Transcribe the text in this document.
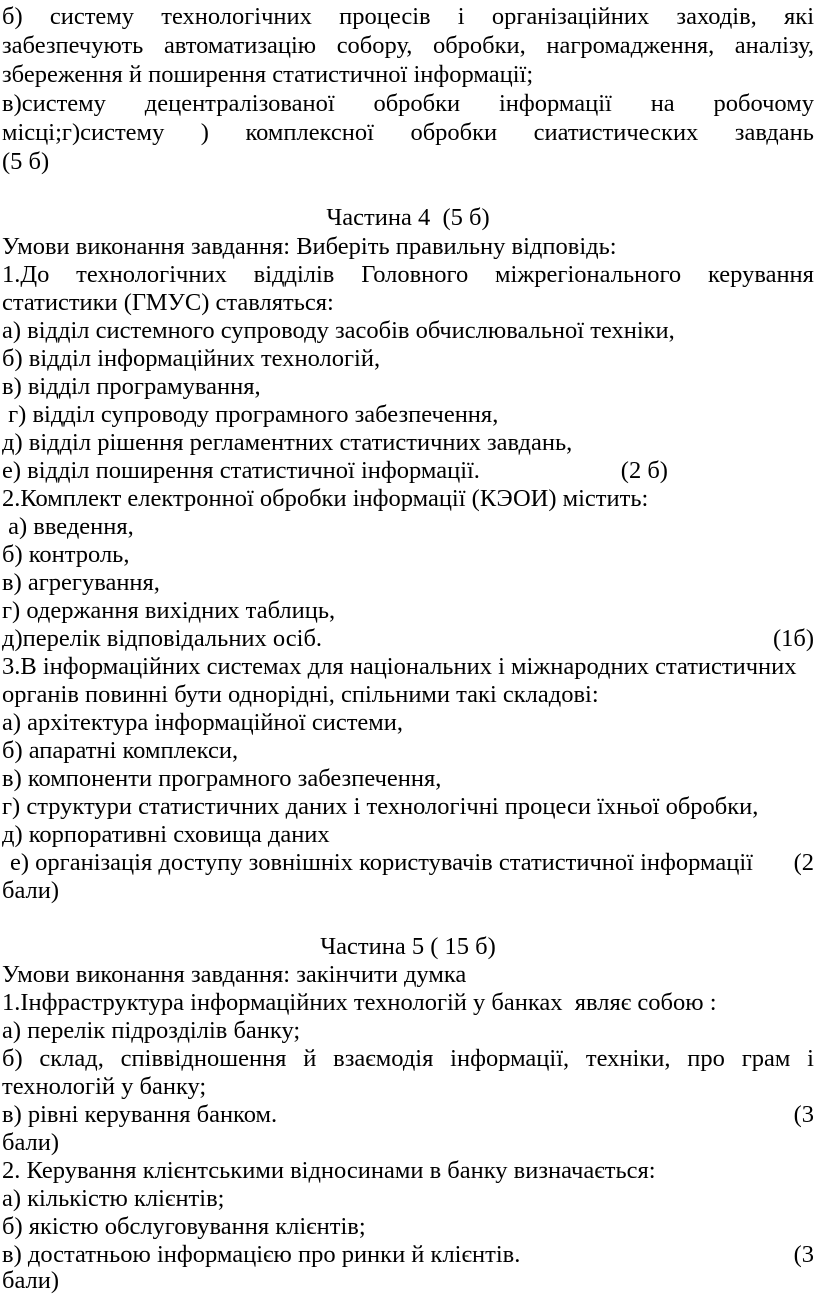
б) систему технологічних процесів і організаційних заходів, які
забезпечують автоматизацію собору, обробки, нагромадження, аналізу,
збереження й поширення статистичної інформації;
в)систему децентралізованої обробки інформації на робочому
місці;г)систему ) комплексної обробки сиатистических завдань
(5 б)
Частина 4  (5 б)
Умови виконання завдання: Виберіть правильну відповідь:
1.До технологічних відділів Головного міжрегіонального керування
статистики (ГМУС) ставляться:
а) відділ системного супроводу засобів обчислювальної техніки,
б) відділ інформаційних технологій,
в) відділ програмування,
г) відділ супроводу програмного забезпечення,
д) відділ рішення регламентних статистичних завдань,
е) відділ поширення статистичної інформації.                       (2 б)
2.Комплект електронної обробки інформації (КЭОИ) містить:
а) введення,
б) контроль,
в) агрегування,
г) одержання вихідних таблиць,
д)перелік відповідальних осіб.	(1б)
3.В інформаційних системах для національних і міжнародних статистичних
органів повинні бути однорідні, спільними такі складові:
а) архітектура інформаційної системи,
б) апаратні комплекси,
в) компоненти програмного забезпечення,
г) структури статистичних даних і технологічні процеси їхньої обробки,
д) корпоративні сховища даних
е) організація доступу зовнішніх користувачів статистичної інформації (2
бали)
Частина 5 ( 15 б)
Умови виконання завдання: закінчити думка
1.Інфраструктура інформаційних технологій у банках  являє собою :
а) перелік підрозділів банку;
б) склад, співвідношення й взаємодія інформації, техніки, про грам і
технологій у банку;
в) рівні керування банком.	(3
бали)
2. Керування клієнтськими відносинами в банку визначається:
а) кількістю клієнтів;
б) якістю обслуговування клієнтів;
в) достатньою інформацією про ринки й клієнтів.	(3
бали)
